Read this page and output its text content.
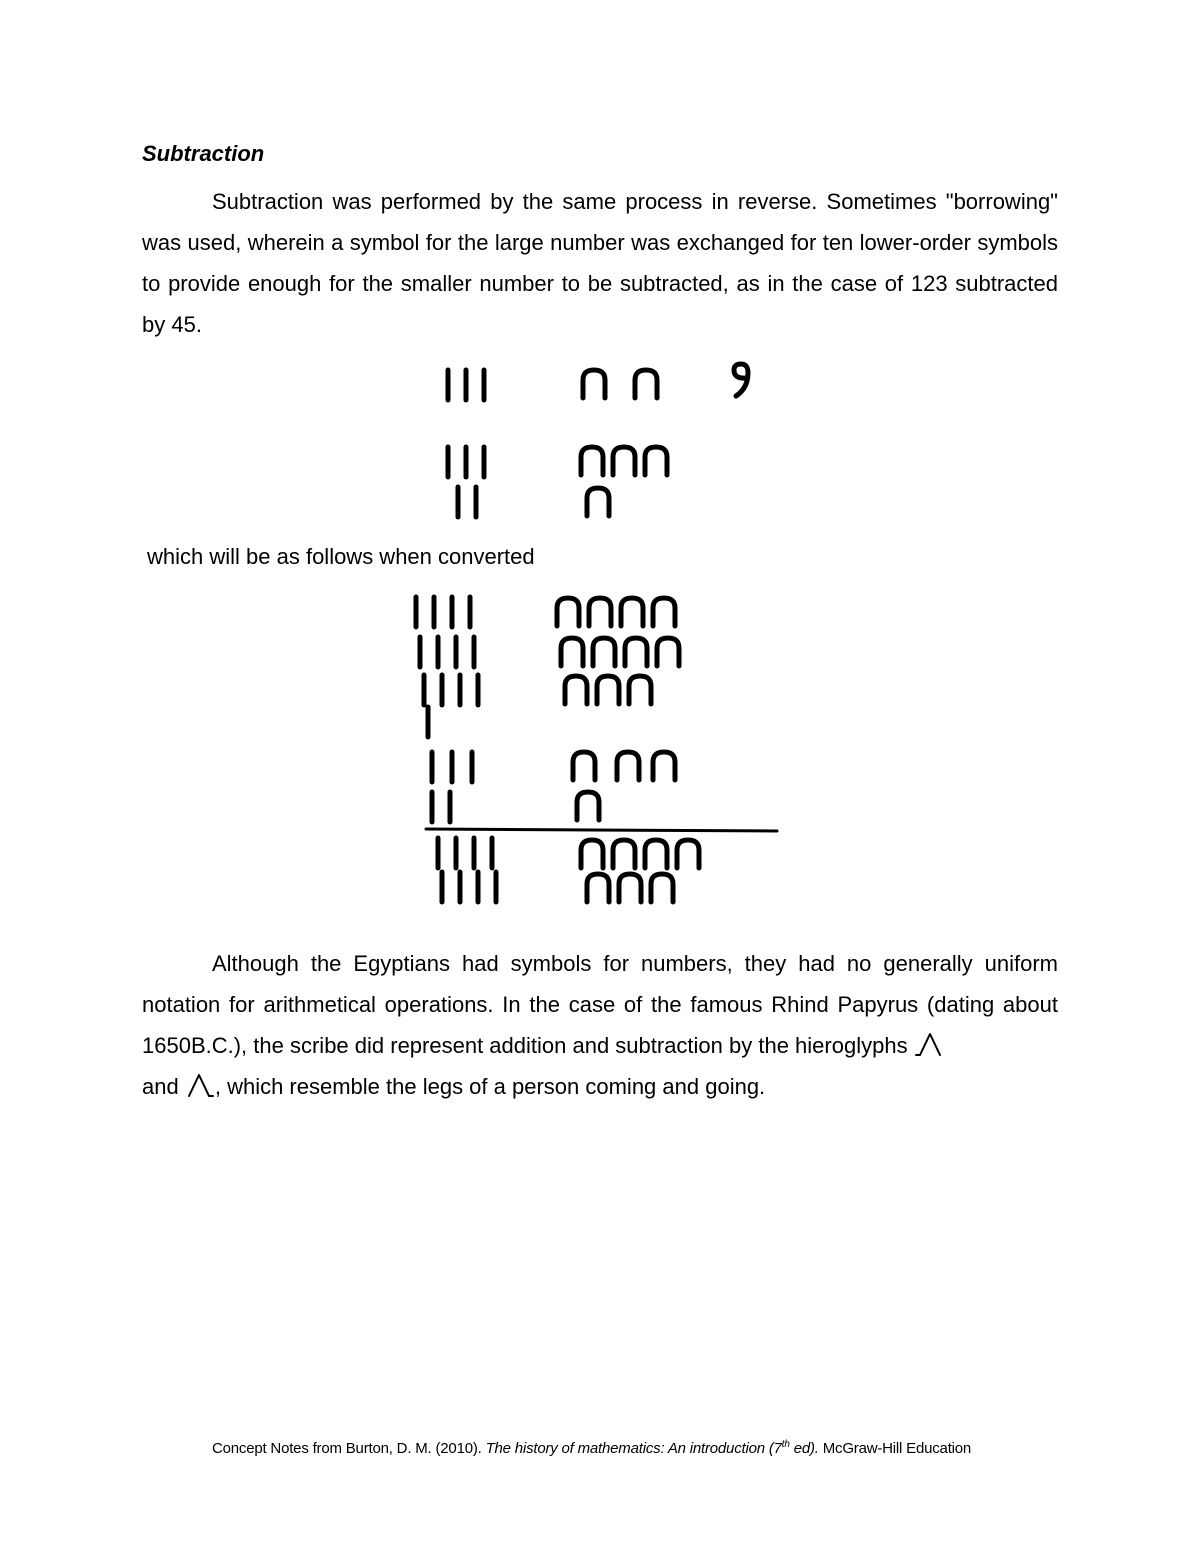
Subtraction
Subtraction was performed by the same process in reverse. Sometimes "borrowing" was used, wherein a symbol for the large number was exchanged for ten lower-order symbols to provide enough for the smaller number to be subtracted, as in the case of 123 subtracted by 45.
which will be as follows when converted
Although the Egyptians had symbols for numbers, they had no generally uniform notation for arithmetical operations. In the case of the famous Rhind Papyrus (dating about 1650B.C.), the scribe did represent addition and subtraction by the hieroglyphs
and , which resemble the legs of a person coming and going.
Concept Notes from Burton, D. M. (2010). The history of mathematics: An introduction (7th ed). McGraw-Hill Education
